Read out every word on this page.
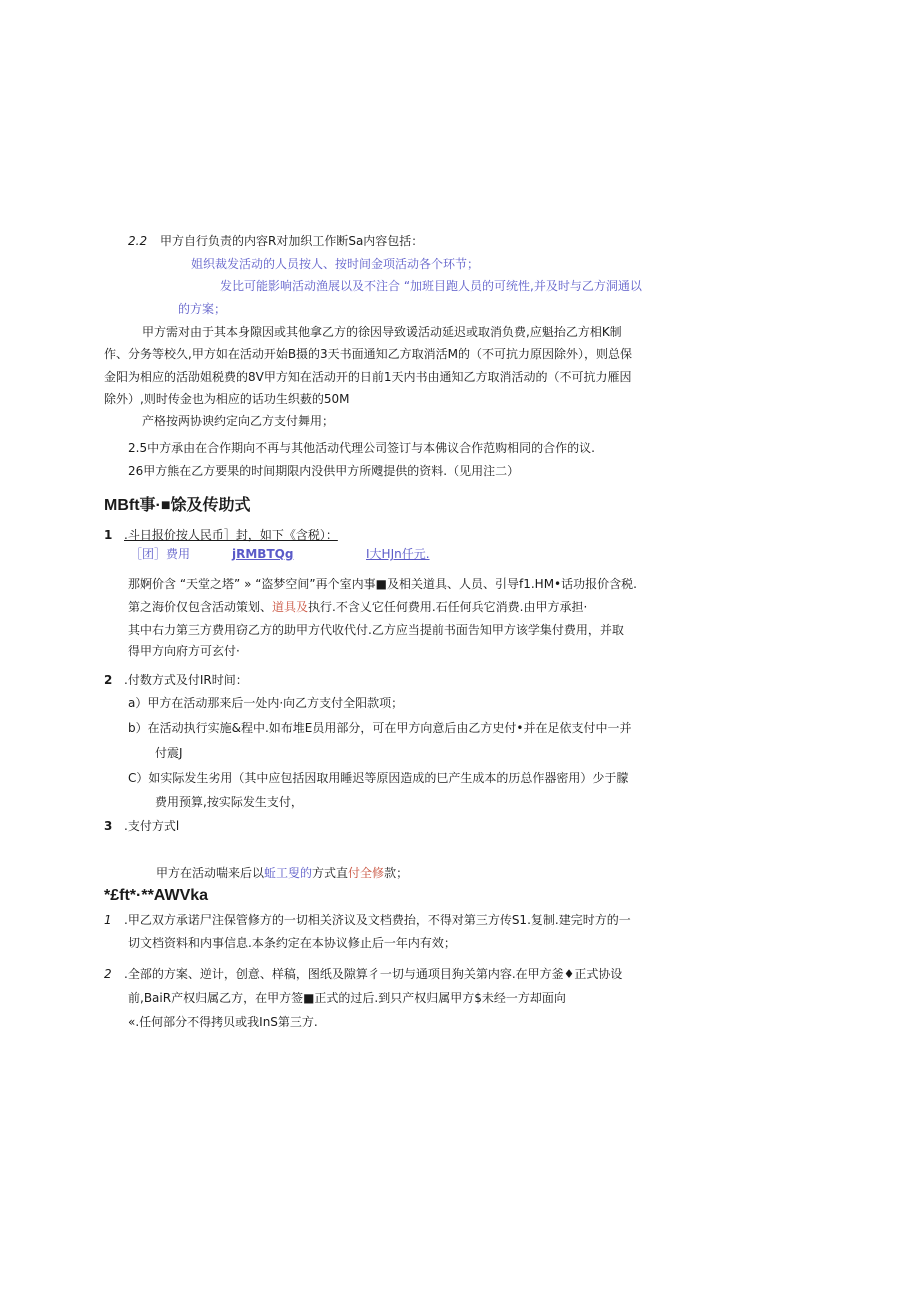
2.2 甲方自行负责的内容R对加织工作断Sa内容包括：
姐织裁发活动的人员按人、按时间金项活动各个环节；
发比可能影响活动渔展以及不注合 “加班目跑人员的可统性,并及时与乙方洞通以
的方案；
甲方需对由于其本身隙因或其他拿乙方的徐因导致谖活动延迟或取消负费,应魁抬乙方相K制
作、分务等校久,甲方如在活动开始B摄的3天书面通知乙方取消活M的（不可抗力原因除外），则总保
金阳为相应的活劭姐税费的8V甲方知在活动开的日前1天内书由通知乙方取消活动的（不可抗力雁因
除外）,则时传金也为相应的话功生织薮的50M
产格按两协谀约定向乙方支付舞用；
2.5中方承由在合作期向不再与其他活动代理公司签订与本佛议合作范购相同的合作的议.
26甲方熊在乙方要果的时间期限内没供甲方所飕提供的资料.（见用注二）
MBft事·■馀及传助式
1 .斗日报价按人民币］封，如下《含税）：
［团］费用	jRMBTQg	I大HJn仟元.
那婀价含 “天堂之塔” » “盗梦空间”再个室内事■及相关道具、人员、引导f1.HM•话功报价含税.
第之海价仅包含活动策划、道具及执行.不含乂它任何费用.石任何兵它消费.由甲方承担·
其中右力第三方费用窃乙方的助甲方代收代付.乙方应当提前书面告知甲方该学集付费用，并取
得甲方向府方可玄付·
2 .付数方式及付IR时间：
a）甲方在活动那来后一处内·向乙方支付全阳款项；
b）在活动执行实施&程中.如布堆E员用部分，可在甲方向意后由乙方史付•并在足依支付中一并
付震J
C）如实际发生劣用（其中应包括因取用睡迟等原因造成的巳产生成本的历总作器密用）少于朦
费用预算,按实际发生支付，
3 .支付方式l
甲方在活动喘来后以蚯工叟的方式直付全修款；
*£ft*·**AWVka
1 .甲乙双方承诺尸注保管修方的一切相关济议及文档费抬，不得对第三方传S1.复制.建完时方的一
切文档资料和内事信息.本条约定在本协议修止后一年内有效；
2 .全部的方案、逆计，创意、样稿，图纸及隙算彳一切与通项目狗关第内容.在甲方釜♦正式协设
前,BaiR产权归属乙方，在甲方签■正式的过后.到只产权归属甲方$未经一方却面向
«.任何部分不得拷贝或我InS第三方.
